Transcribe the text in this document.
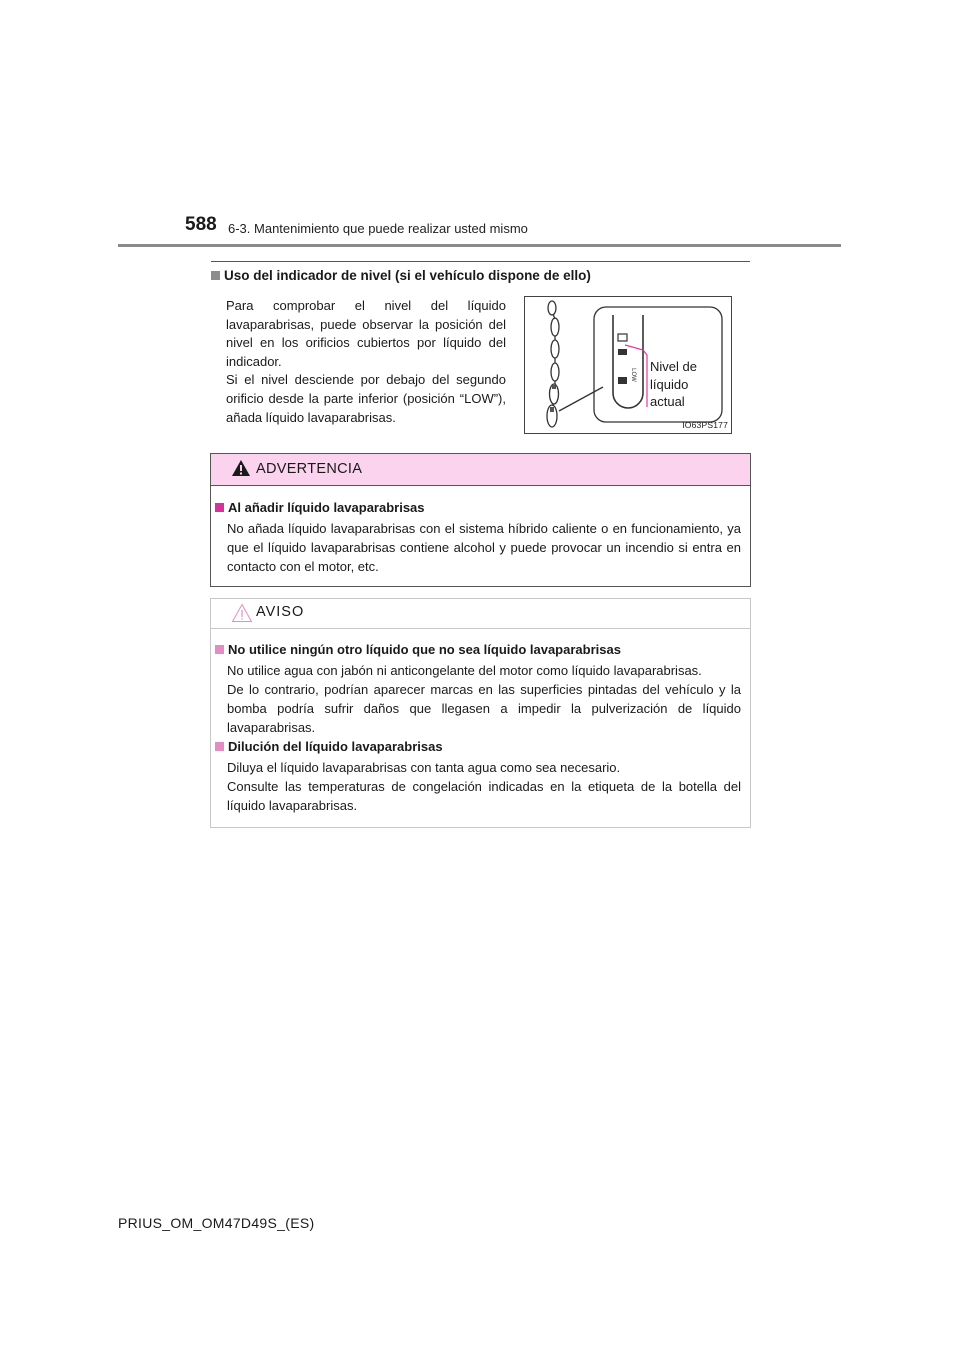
588 6-3. Mantenimiento que puede realizar usted mismo
Uso del indicador de nivel (si el vehículo dispone de ello)

Para comprobar el nivel del líquido lavaparabrisas, puede observar la posición del nivel en los orificios cubiertos por líquido del indicador.

Si el nivel desciende por debajo del segundo orificio desde la parte inferior (posición “LOW”), añada líquido lavaparabrisas.

LOW
Nivel de
líquido
actual
IO63PS177
ADVERTENCIA
Al añadir líquido lavaparabrisas

No añada líquido lavaparabrisas con el sistema híbrido caliente o en funcionamiento, ya que el líquido lavaparabrisas contiene alcohol y puede provocar un incendio si entra en contacto con el motor, etc.

AVISO
No utilice ningún otro líquido que no sea líquido lavaparabrisas

No utilice agua con jabón ni anticongelante del motor como líquido lavaparabrisas.

De lo contrario, podrían aparecer marcas en las superficies pintadas del vehículo y la bomba podría sufrir daños que llegasen a impedir la pulverización de líquido lavaparabrisas.

Dilución del líquido lavaparabrisas

Diluya el líquido lavaparabrisas con tanta agua como sea necesario.

Consulte las temperaturas de congelación indicadas en la etiqueta de la botella del líquido lavaparabrisas.

PRIUS_OM_OM47D49S_(ES)
